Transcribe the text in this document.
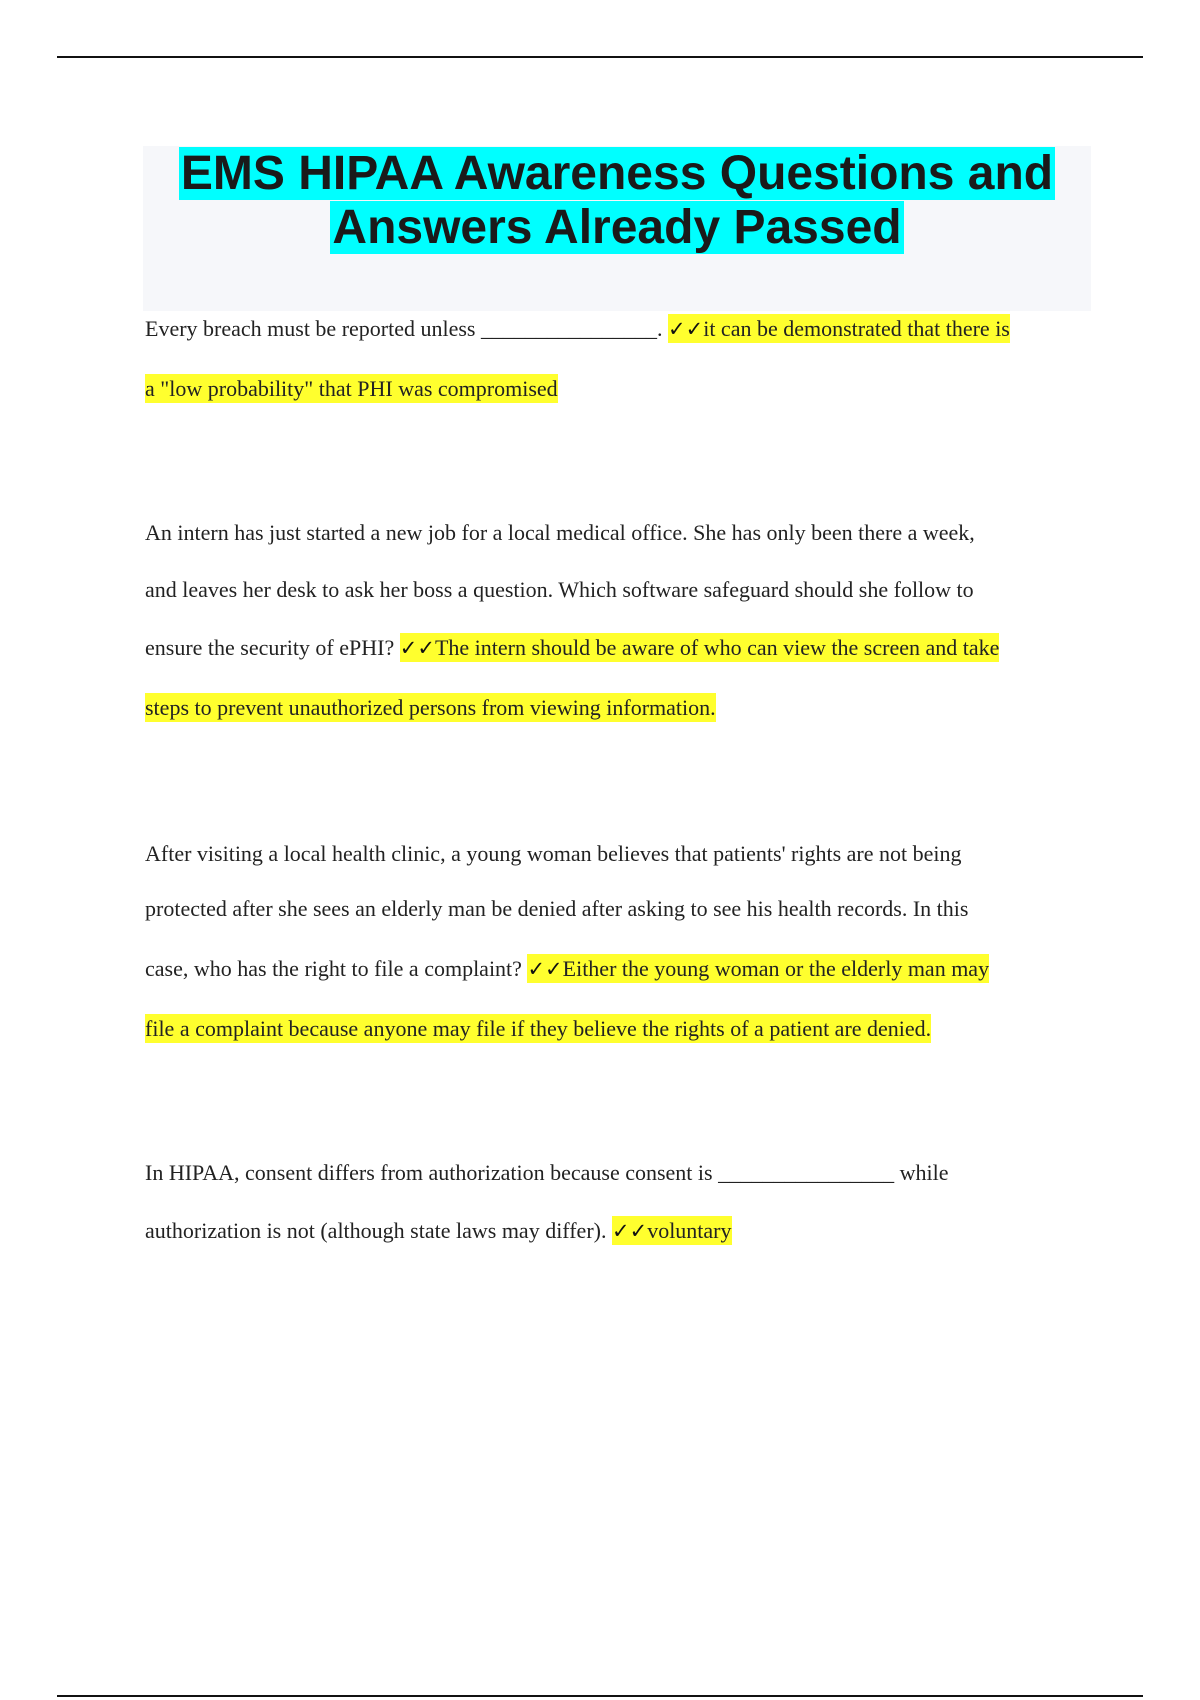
EMS HIPAA Awareness Questions and
Answers Already Passed
Every breach must be reported unless ________________. ✓✓it can be demonstrated that there is
a "low probability" that PHI was compromised
An intern has just started a new job for a local medical office. She has only been there a week,
and leaves her desk to ask her boss a question. Which software safeguard should she follow to
ensure the security of ePHI? ✓✓The intern should be aware of who can view the screen and take
steps to prevent unauthorized persons from viewing information.
After visiting a local health clinic, a young woman believes that patients' rights are not being
protected after she sees an elderly man be denied after asking to see his health records. In this
case, who has the right to file a complaint? ✓✓Either the young woman or the elderly man may
file a complaint because anyone may file if they believe the rights of a patient are denied.
In HIPAA, consent differs from authorization because consent is ________________ while
authorization is not (although state laws may differ). ✓✓voluntary
